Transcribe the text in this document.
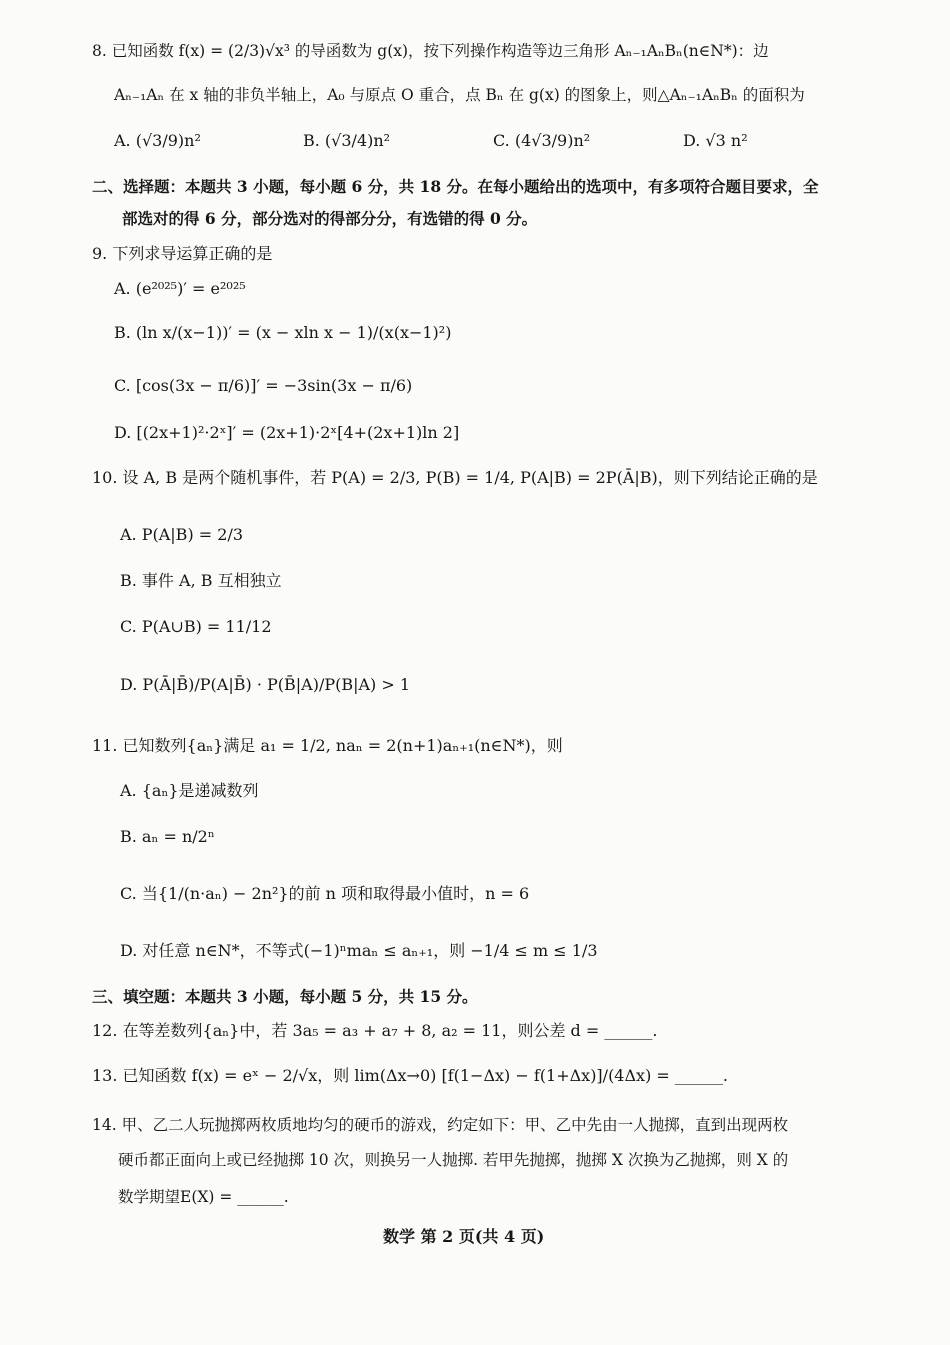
8. 已知函数 f(x) = (2/3)√x³ 的导函数为 g(x)，按下列操作构造等边三角形 Aₙ₋₁AₙBₙ(n∈N*)：边
Aₙ₋₁Aₙ 在 x 轴的非负半轴上，A₀ 与原点 O 重合，点 Bₙ 在 g(x) 的图象上，则△Aₙ₋₁AₙBₙ 的面积为
A. (√3/9)n²	B. (√3/4)n²	C. (4√3/9)n²	D. √3 n²
二、选择题：本题共 3 小题，每小题 6 分，共 18 分。在每小题给出的选项中，有多项符合题目要求，全
部选对的得 6 分，部分选对的得部分分，有选错的得 0 分。
9. 下列求导运算正确的是
A. (e²⁰²⁵)′ = e²⁰²⁵
B. (ln x/(x−1))′ = (x − xln x − 1)/(x(x−1)²)
C. [cos(3x − π/6)]′ = −3sin(3x − π/6)
D. [(2x+1)²·2ˣ]′ = (2x+1)·2ˣ[4+(2x+1)ln 2]
10. 设 A, B 是两个随机事件，若 P(A) = 2/3, P(B) = 1/4, P(A|B) = 2P(Ā|B)，则下列结论正确的是
A. P(A|B) = 2/3
B. 事件 A, B 互相独立
C. P(A∪B) = 11/12
D. P(Ā|B̄)/P(A|B̄) · P(B̄|A)/P(B|A) > 1
11. 已知数列{aₙ}满足 a₁ = 1/2, naₙ = 2(n+1)aₙ₊₁(n∈N*)，则
A. {aₙ}是递减数列
B. aₙ = n/2ⁿ
C. 当{1/(n·aₙ) − 2n²}的前 n 项和取得最小值时，n = 6
D. 对任意 n∈N*，不等式(−1)ⁿmaₙ ≤ aₙ₊₁，则 −1/4 ≤ m ≤ 1/3
三、填空题：本题共 3 小题，每小题 5 分，共 15 分。
12. 在等差数列{aₙ}中，若 3a₅ = a₃ + a₇ + 8, a₂ = 11，则公差 d = ______.
13. 已知函数 f(x) = eˣ − 2/√x，则 lim(Δx→0) [f(1−Δx) − f(1+Δx)]/(4Δx) = ______.
14. 甲、乙二人玩抛掷两枚质地均匀的硬币的游戏，约定如下：甲、乙中先由一人抛掷，直到出现两枚
硬币都正面向上或已经抛掷 10 次，则换另一人抛掷. 若甲先抛掷，抛掷 X 次换为乙抛掷，则 X 的
数学期望E(X) = ______.
数学 第 2 页(共 4 页)
